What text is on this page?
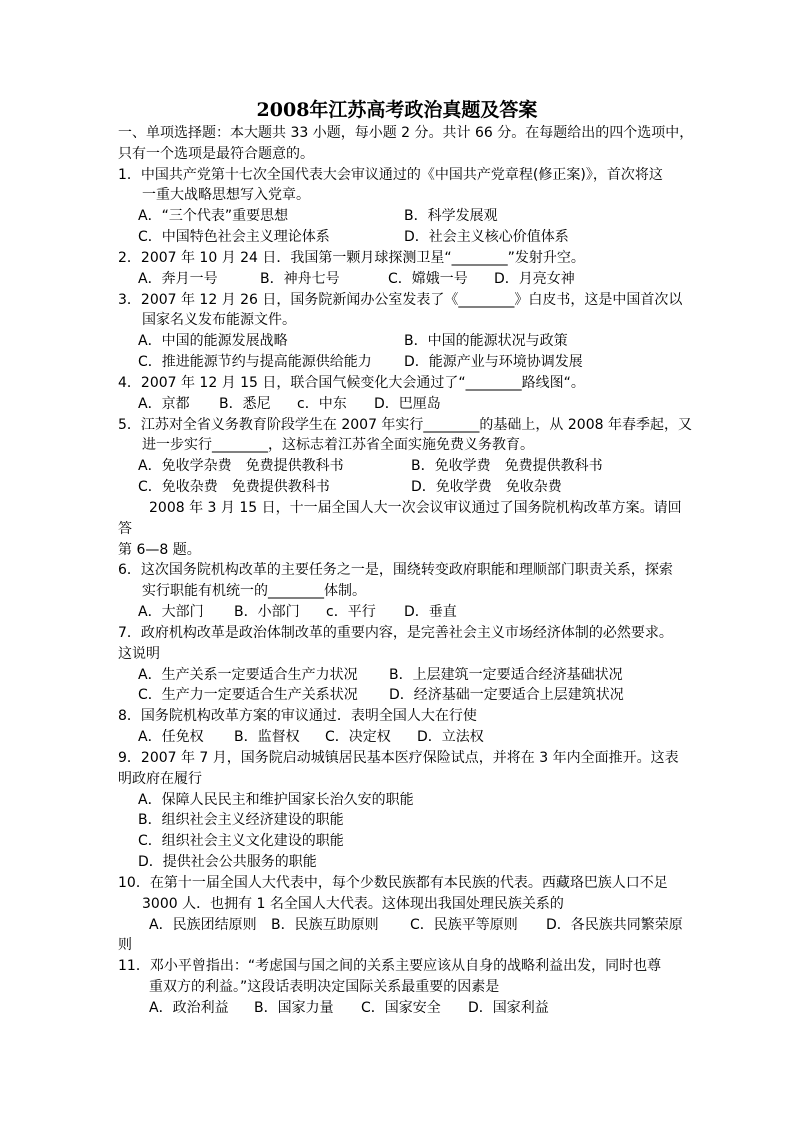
2008年江苏高考政治真题及答案
一、单项选择题：本大题共 33 小题，每小题 2 分。共计 66 分。在每题给出的四个选项中，
只有一个选项是最符合题意的。
1．中国共产党第十七次全国代表大会审议通过的《中国共产党章程(修正案)》，首次将这
一重大战略思想写入党章。
A．“三个代表”重要思想	B．科学发展观
C．中国特色社会主义理论体系	D．社会主义核心价值体系
2．2007 年 10 月 24 日．我国第一颗月球探测卫星“________”发射升空。
A．奔月一号	B．神舟七号	C．嫦娥一号 D．月亮女神
3．2007 年 12 月 26 日，国务院新闻办公室发表了《________》白皮书，这是中国首次以
国家名义发布能源文件。
A．中国的能源发展战略	B．中国的能源状况与政策
C．推进能源节约与提高能源供给能力 D．能源产业与环境协调发展
4．2007 年 12 月 15 日，联合国气候变化大会通过了“________路线图“。
A．京都 B．悉尼 c．中东 D．巴厘岛
5．江苏对全省义务教育阶段学生在 2007 年实行________的基础上，从 2008 年春季起，又
进一步实行________，这标志着江苏省全面实施免费义务教育。
A．免收学杂费　免费提供教科书	B．免收学费　免费提供教科书
C．免收杂费　免费提供教科书	D．免收学费　免收杂费
2008 年 3 月 15 日，十一届全国人大一次会议审议通过了国务院机构改革方案。请回
答
第 6—8 题。
6．这次国务院机构改革的主要任务之一是，围绕转变政府职能和理顺部门职责关系，探索
实行职能有机统一的________体制。
A．大部门 B．小部门 c．平行 D．垂直
7．政府机构改革是政治体制改革的重要内容，是完善社会主义市场经济体制的必然要求。
这说明
A．生产关系一定要适合生产力状况 B．上层建筑一定要适合经济基础状况
C．生产力一定要适合生产关系状况 D．经济基础一定要适合上层建筑状况
8．国务院机构改革方案的审议通过．表明全国人大在行使
A．任免权 B．监督权 C．决定权 D．立法权
9．2007 年 7 月，国务院启动城镇居民基本医疗保险试点，并将在 3 年内全面推开。这表
明政府在履行
A．保障人民民主和维护国家长治久安的职能
B．组织社会主义经济建设的职能
C．组织社会主义文化建设的职能
D．提供社会公共服务的职能
10．在第十一届全国人大代表中，每个少数民族都有本民族的代表。西藏珞巴族人口不足
3000 人．也拥有 1 名全国人大代表。这体现出我国处理民族关系的
A．民族团结原则 B．民族互助原则 C．民族平等原则 D．各民族共同繁荣原
则
11．邓小平曾指出：“考虑国与国之间的关系主要应该从自身的战略利益出发，同时也尊
重双方的利益。”这段话表明决定国际关系最重要的因素是
A．政治利益 B．国家力量 C．国家安全 D．国家利益
